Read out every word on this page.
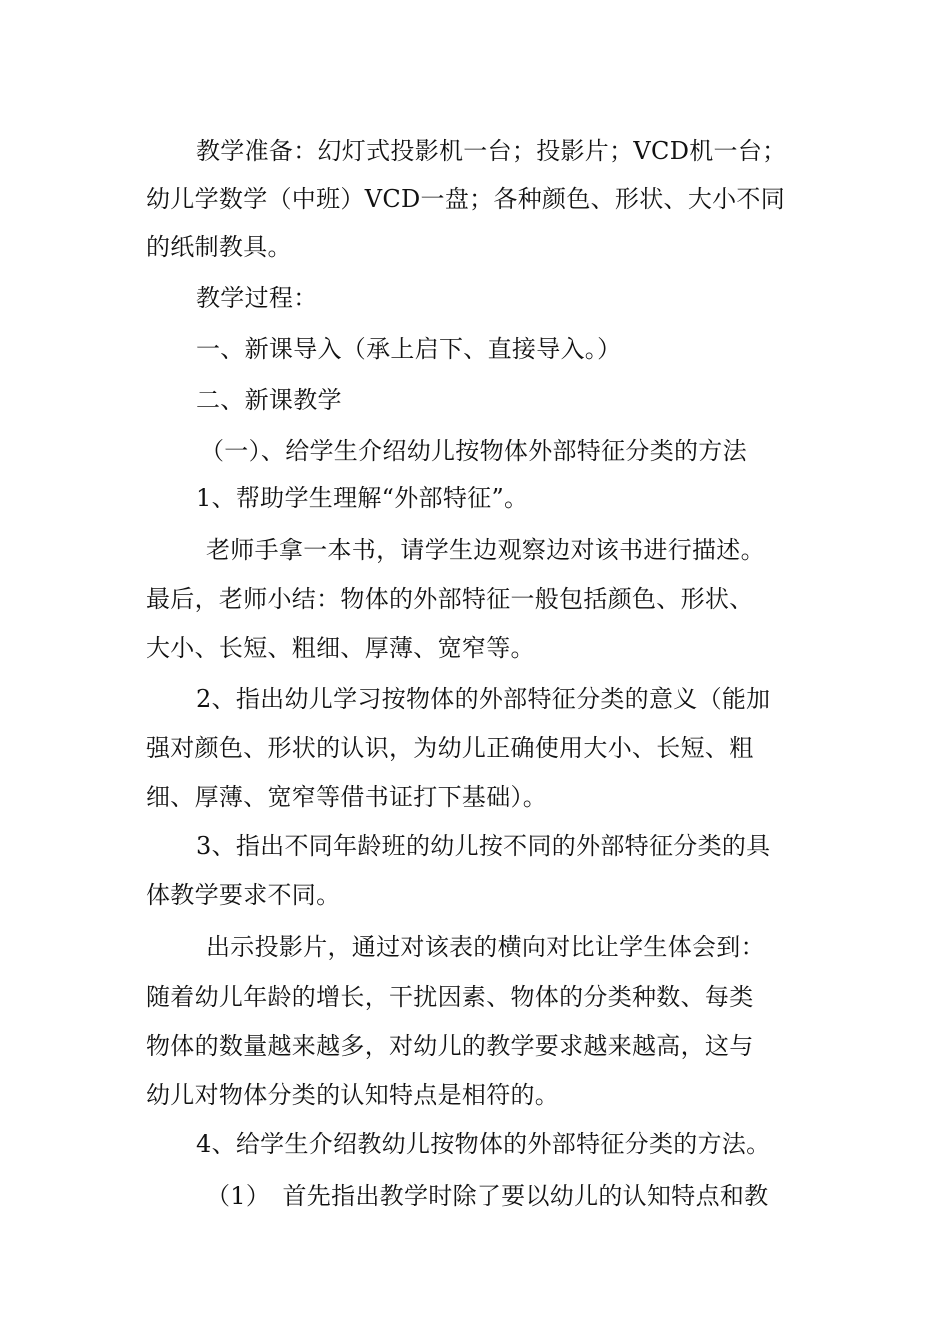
教学准备：幻灯式投影机一台；投影片；VCD机一台；
幼儿学数学（中班）VCD一盘；各种颜色、形状、大小不同
的纸制教具。
教学过程：
一、新课导入（承上启下、直接导入。）
二、新课教学
（一）、给学生介绍幼儿按物体外部特征分类的方法
1、帮助学生理解“外部特征”。
老师手拿一本书，请学生边观察边对该书进行描述。
最后，老师小结：物体的外部特征一般包括颜色、形状、
大小、长短、粗细、厚薄、宽窄等。
2、指出幼儿学习按物体的外部特征分类的意义（能加
强对颜色、形状的认识，为幼儿正确使用大小、长短、粗
细、厚薄、宽窄等借书证打下基础）。
3、指出不同年龄班的幼儿按不同的外部特征分类的具
体教学要求不同。
出示投影片，通过对该表的横向对比让学生体会到：
随着幼儿年龄的增长，干扰因素、物体的分类种数、每类
物体的数量越来越多，对幼儿的教学要求越来越高，这与
幼儿对物体分类的认知特点是相符的。
4、给学生介绍教幼儿按物体的外部特征分类的方法。
（1）　首先指出教学时除了要以幼儿的认知特点和教
